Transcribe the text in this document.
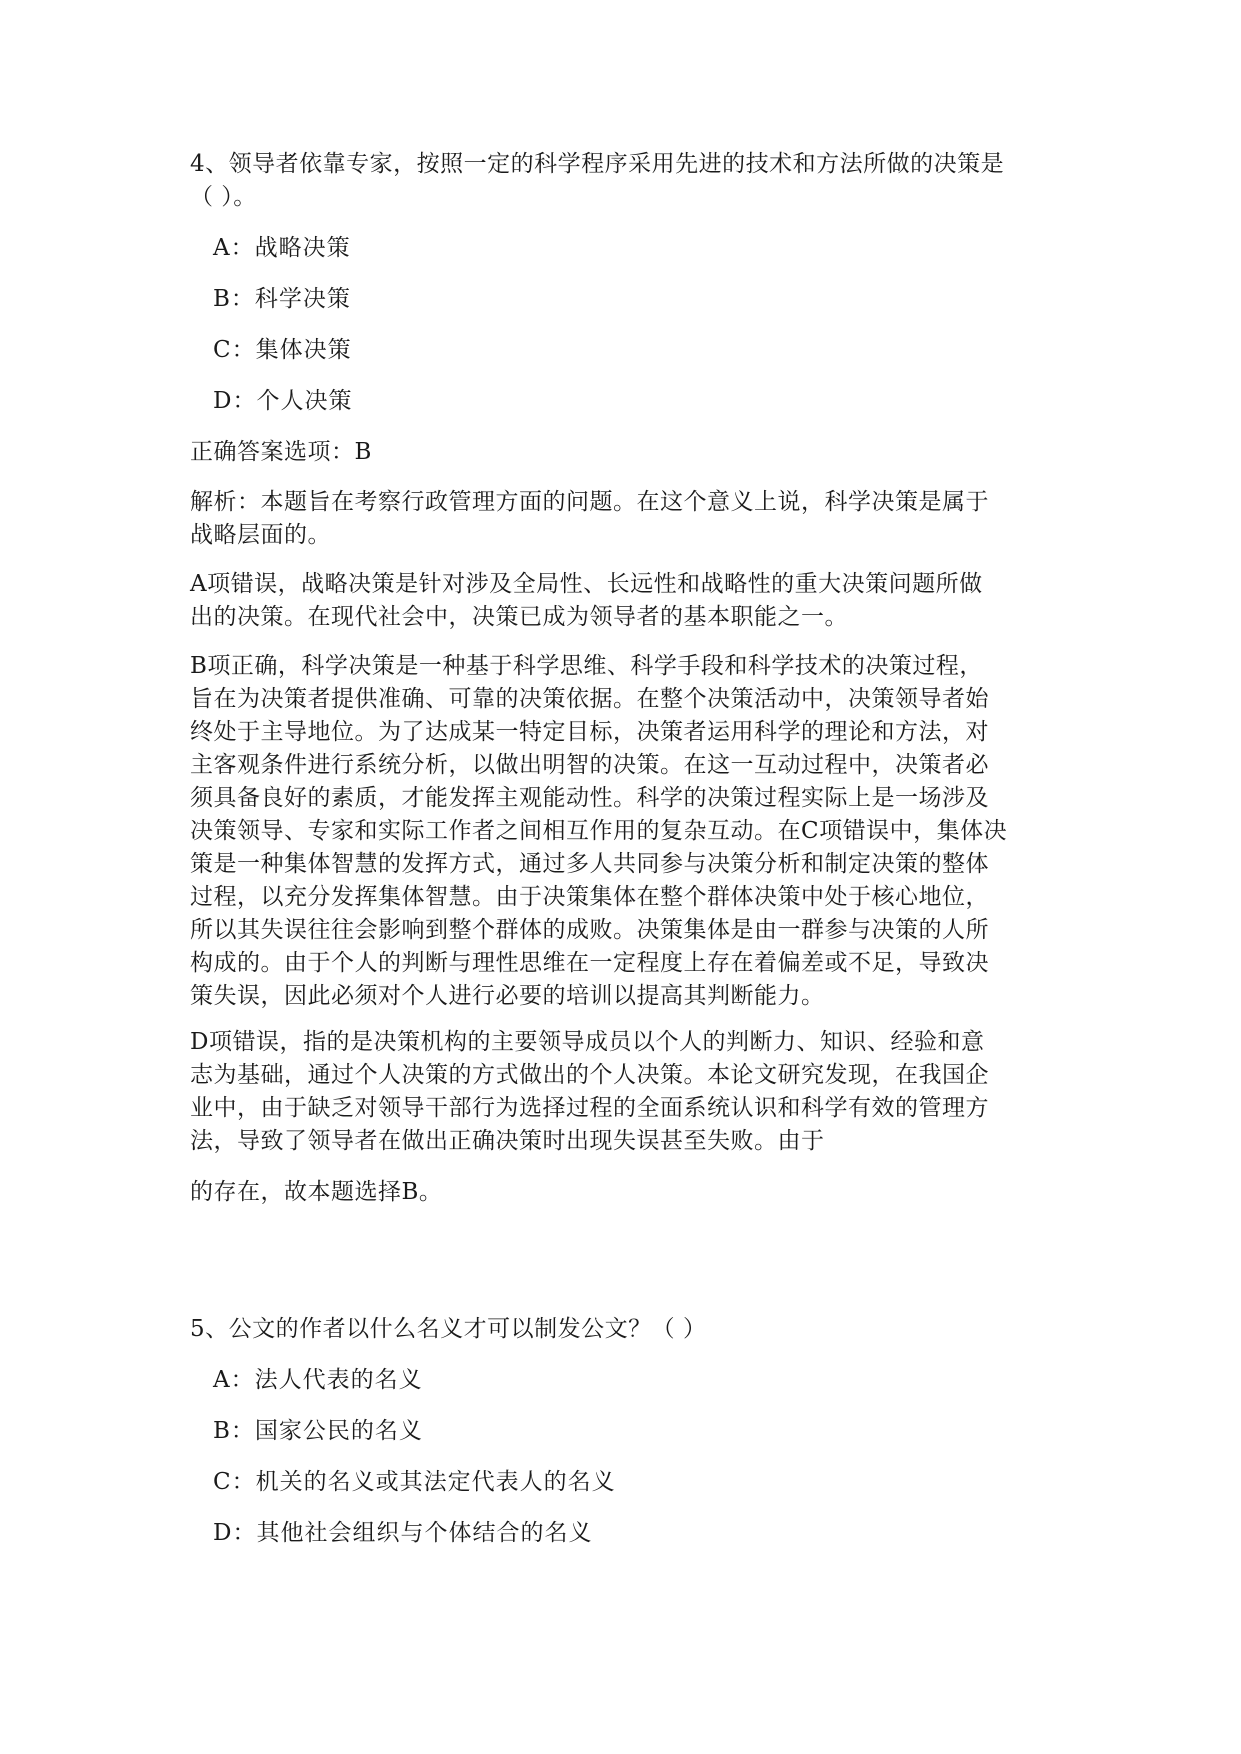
4、领导者依靠专家，按照一定的科学程序采用先进的技术和方法所做的决策是
（ ）。

A：战略决策

B：科学决策

C：集体决策

D：个人决策

正确答案选项：B

解析：本题旨在考察行政管理方面的问题。在这个意义上说，科学决策是属于
战略层面的。

A项错误，战略决策是针对涉及全局性、长远性和战略性的重大决策问题所做
出的决策。在现代社会中，决策已成为领导者的基本职能之一。

B项正确，科学决策是一种基于科学思维、科学手段和科学技术的决策过程，
旨在为决策者提供准确、可靠的决策依据。在整个决策活动中，决策领导者始
终处于主导地位。为了达成某一特定目标，决策者运用科学的理论和方法，对
主客观条件进行系统分析，以做出明智的决策。在这一互动过程中，决策者必
须具备良好的素质，才能发挥主观能动性。科学的决策过程实际上是一场涉及
决策领导、专家和实际工作者之间相互作用的复杂互动。在C项错误中，集体决
策是一种集体智慧的发挥方式，通过多人共同参与决策分析和制定决策的整体
过程，以充分发挥集体智慧。由于决策集体在整个群体决策中处于核心地位，
所以其失误往往会影响到整个群体的成败。决策集体是由一群参与决策的人所
构成的。由于个人的判断与理性思维在一定程度上存在着偏差或不足，导致决
策失误，因此必须对个人进行必要的培训以提高其判断能力。

D项错误，指的是决策机构的主要领导成员以个人的判断力、知识、经验和意
志为基础，通过个人决策的方式做出的个人决策。本论文研究发现，在我国企
业中，由于缺乏对领导干部行为选择过程的全面系统认识和科学有效的管理方
法，导致了领导者在做出正确决策时出现失误甚至失败。由于

的存在，故本题选择B。

5、公文的作者以什么名义才可以制发公文？（ ）

A：法人代表的名义

B：国家公民的名义

C：机关的名义或其法定代表人的名义

D：其他社会组织与个体结合的名义
